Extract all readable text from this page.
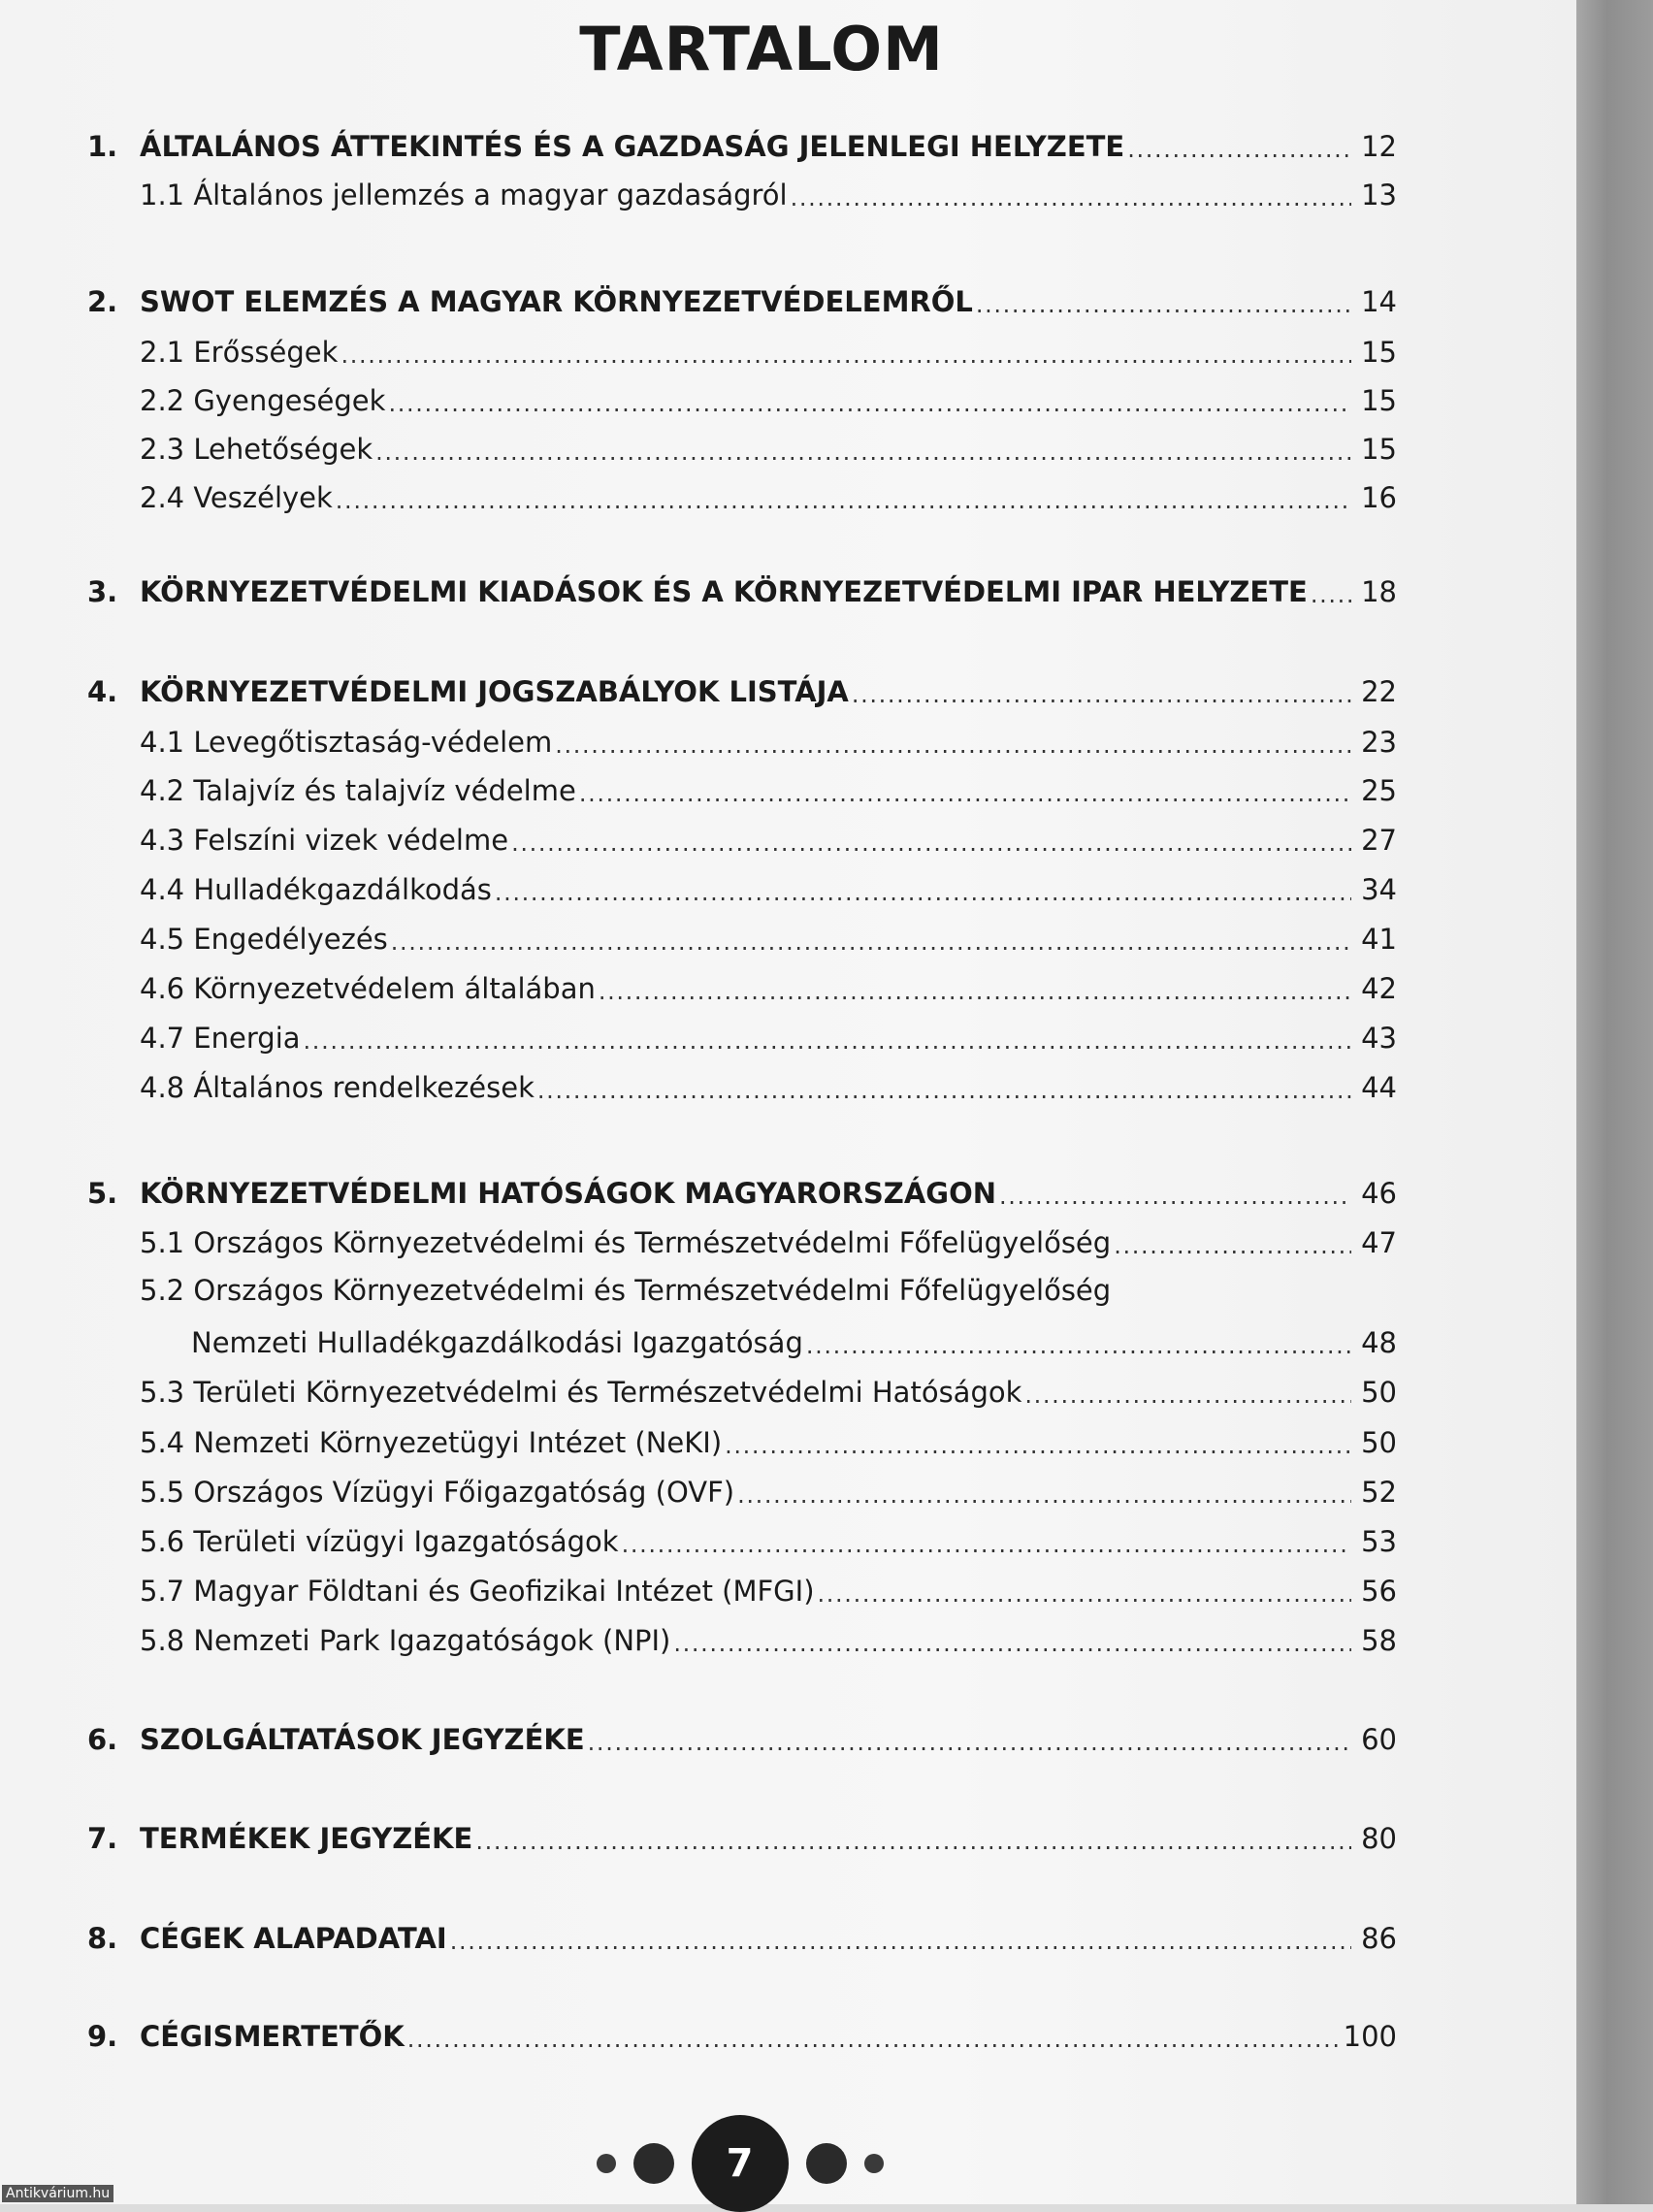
TARTALOM
1. ÁLTALÁNOS ÁTTEKINTÉS ÉS A GAZDASÁG JELENLEGI HELYZETE . . .	12
1.1 Általános jellemzés a magyar gazdaságról . . .	13
2. SWOT ELEMZÉS A MAGYAR KÖRNYEZETVÉDELEMRŐL . . .	14
2.1 Erősségek . . .	15
2.2 Gyengeségek . . .	15
2.3 Lehetőségek . . .	15
2.4 Veszélyek . . .	16
3. KÖRNYEZETVÉDELMI KIADÁSOK ÉS A KÖRNYEZETVÉDELMI IPAR HELYZETE . . . 18
4. KÖRNYEZETVÉDELMI JOGSZABÁLYOK LISTÁJA . . .	22
4.1 Levegőtisztaság-védelem . . .	23
4.2 Talajvíz és talajvíz védelme . . .	25
4.3 Felszíni vizek védelme . . .	27
4.4 Hulladékgazdálkodás . . .	34
4.5 Engedélyezés . . .	41
4.6 Környezetvédelem általában . . .	42
4.7 Energia . . .	43
4.8 Általános rendelkezések . . .	44
5. KÖRNYEZETVÉDELMI HATÓSÁGOK MAGYARORSZÁGON . . .	46
5.1 Országos Környezetvédelmi és Természetvédelmi Főfelügyelőség . . .	47
5.2 Országos Környezetvédelmi és Természetvédelmi Főfelügyelőség
Nemzeti Hulladékgazdálkodási Igazgatóság . . .	48
5.3 Területi Környezetvédelmi és Természetvédelmi Hatóságok . . .	50
5.4 Nemzeti Környezetügyi Intézet (NeKI) . . .	50
5.5 Országos Vízügyi Főigazgatóság (OVF) . . .	52
5.6 Területi vízügyi Igazgatóságok . . .	53
5.7 Magyar Földtani és Geofizikai Intézet (MFGI) . . .	56
5.8 Nemzeti Park Igazgatóságok (NPI) . . .	58
6. SZOLGÁLTATÁSOK JEGYZÉKE . . .	60
7. TERMÉKEK JEGYZÉKE . . .	80
8. CÉGEK ALAPADATAI . . .	86
9. CÉGISMERTETŐK . . .	100
7
Antikvárium.hu
